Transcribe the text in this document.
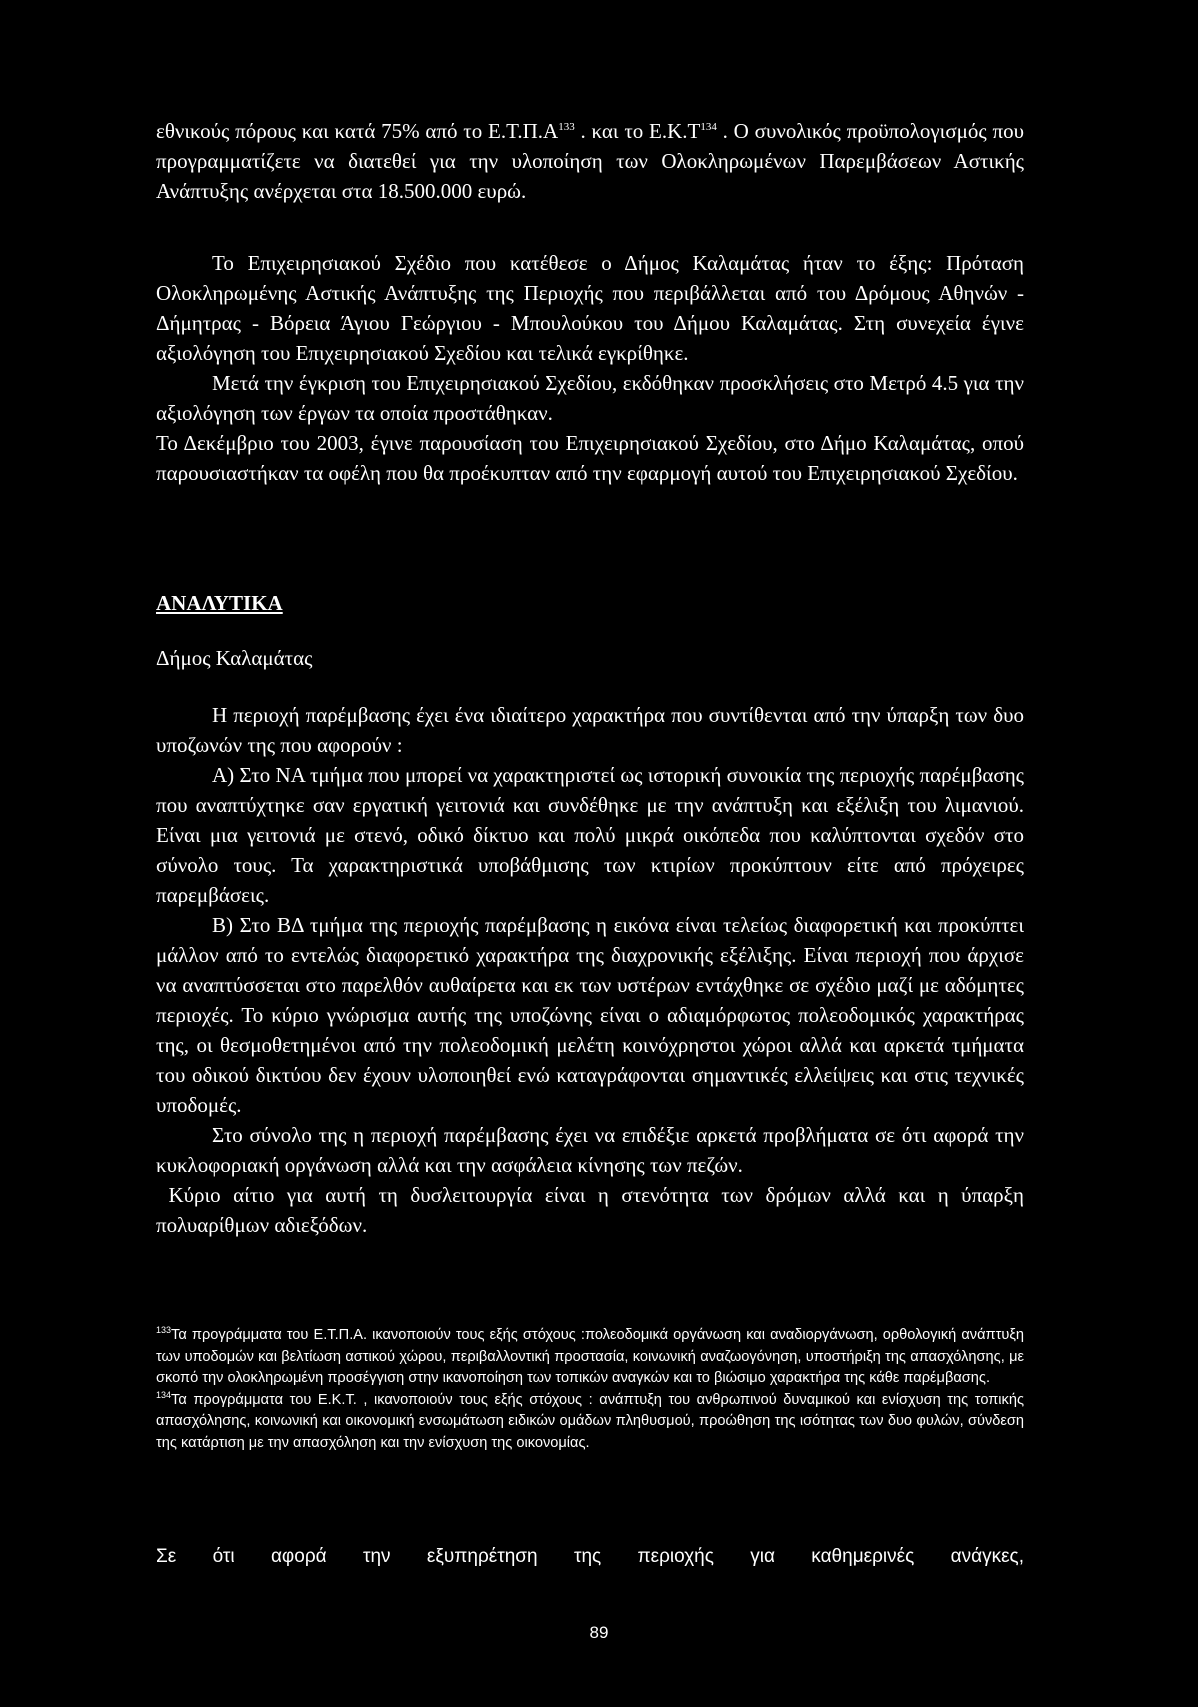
εθνικούς πόρους και κατά 75% από το $E.T.\Pi.A^{133}$ . και το $E.K.T^{134}$ . Ο συνολικός προϋπολογισμός που προγραμματίζετε να διατεθεί για την υλοποίηση των Ολοκληρωμένων Παρεμβάσεων Αστικής Ανάπτυξης ανέρχεται στα 18.500.000 ευρώ.

Το Επιχειρησιακού Σχέδιο που κατέθεσε ο Δήμος Καλαμάτας ήταν το έξης: Πρόταση Ολοκληρωμένης Αστικής Ανάπτυξης της Περιοχής που περιβάλλεται από του Δρόμους Αθηνών - Δήμητρας - Βόρεια Άγιου Γεώργιου - Μπουλούκου του Δήμου Καλαμάτας. Στη συνεχεία έγινε αξιολόγηση του Επιχειρησιακού Σχεδίου και τελικά εγκρίθηκε.

Μετά την έγκριση του Επιχειρησιακού Σχεδίου, εκδόθηκαν προσκλήσεις στο Μετρό 4.5 για την αξιολόγηση των έργων τα οποία προστάθηκαν.

Το Δεκέμβριο του 2003, έγινε παρουσίαση του Επιχειρησιακού Σχεδίου, στο Δήμο Καλαμάτας, οπού παρουσιαστήκαν τα οφέλη που θα προέκυπταν από την εφαρμογή αυτού του Επιχειρησιακού Σχεδίου.

ΑΝΑΛΥΤΙΚΑ
Δήμος Καλαμάτας

Η περιοχή παρέμβασης έχει ένα ιδιαίτερο χαρακτήρα που συντίθενται από την ύπαρξη των δυο υποζωνών της που αφορούν :

Α) Στο ΝΑ τμήμα που μπορεί να χαρακτηριστεί ως ιστορική συνοικία της περιοχής παρέμβασης που αναπτύχτηκε σαν εργατική γειτονιά και συνδέθηκε με την ανάπτυξη και εξέλιξη του λιμανιού. Είναι μια γειτονιά με στενό, οδικό δίκτυο και πολύ μικρά οικόπεδα που καλύπτονται σχεδόν στο σύνολο τους. Τα χαρακτηριστικά υποβάθμισης των κτιρίων προκύπτουν είτε από πρόχειρες παρεμβάσεις.

Β) Στο ΒΔ τμήμα της περιοχής παρέμβασης η εικόνα είναι τελείως διαφορετική και προκύπτει μάλλον από το εντελώς διαφορετικό χαρακτήρα της διαχρονικής εξέλιξης. Είναι περιοχή που άρχισε να αναπτύσσεται στο παρελθόν αυθαίρετα και εκ των υστέρων εντάχθηκε σε σχέδιο μαζί με αδόμητες περιοχές. Το κύριο γνώρισμα αυτής της υποζώνης είναι ο αδιαμόρφωτος πολεοδομικός χαρακτήρας της, οι θεσμοθετημένοι από την πολεοδομική μελέτη κοινόχρηστοι χώροι αλλά και αρκετά τμήματα του οδικού δικτύου δεν έχουν υλοποιηθεί ενώ καταγράφονται σημαντικές ελλείψεις και στις τεχνικές υποδομές.

Στο σύνολο της η περιοχή παρέμβασης έχει να επιδέξιε αρκετά προβλήματα σε ότι αφορά την κυκλοφοριακή οργάνωση αλλά και την ασφάλεια κίνησης των πεζών.

Κύριο αίτιο για αυτή τη δυσλειτουργία είναι η στενότητα των δρόμων αλλά και η ύπαρξη πολυαρίθμων αδιεξόδων.

$^{133}$Τα προγράμματα του Ε.Τ.Π.Α. ικανοποιούν τους εξής στόχους :πολεοδομικά οργάνωση και αναδιοργάνωση, ορθολογική ανάπτυξη των υποδομών και βελτίωση αστικού χώρου, περιβαλλοντική προστασία, κοινωνική αναζωογόνηση, υποστήριξη της απασχόλησης, με σκοπό την ολοκληρωμένη προσέγγιση στην ικανοποίηση των τοπικών αναγκών και το βιώσιμο χαρακτήρα της κάθε παρέμβασης.

$^{134}$Τα προγράμματα του Ε.Κ.Τ. , ικανοποιούν τους εξής στόχους : ανάπτυξη του ανθρωπινού δυναμικού και ενίσχυση της τοπικής απασχόλησης, κοινωνική και οικονομική ενσωμάτωση ειδικών ομάδων πληθυσμού, προώθηση της ισότητας των δυο φυλών, σύνδεση της κατάρτιση με την απασχόληση και την ενίσχυση της οικονομίας.

Σε ότι αφορά την εξυπηρέτηση της περιοχής για καθημερινές ανάγκες,
89
